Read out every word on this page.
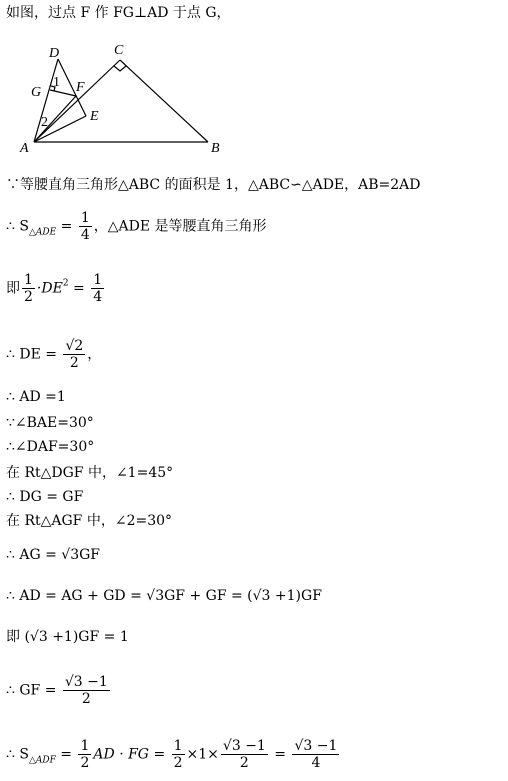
如图，过点 F 作 FG⊥AD 于点 G，
D	C
G
1 F
2	E
A	B
∵等腰直角三角形△ABC 的面积是 1，△ABC∽△ADE，AB=2AD
∴ $S_{\triangle ADE} = \frac{1}{4}$ ，△ADE 是等腰直角三角形
即 $\frac{1}{2} \cdot DE^2 = \frac{1}{4}$
∴ DE = $\frac{√2}{2}$ ，
∴ AD =1
∵∠BAE=30°
∴∠DAF=30°
在 Rt△DGF 中，∠1=45°
∴ DG = GF
在 Rt△AGF 中，∠2=30°
∴ AG = √3GF
∴ AD = AG + GD = √3GF + GF = (√3 +1)GF
即 (√3 +1)GF = 1
∴ GF = $\frac{√3 -1}{2}$
∴ $S_{\triangle ADF} = \frac{1}{2}$ AD · FG = $\frac{1}{2} \times 1\times \frac{√3 -1}{2} = \frac{√3 -1}{4}$
